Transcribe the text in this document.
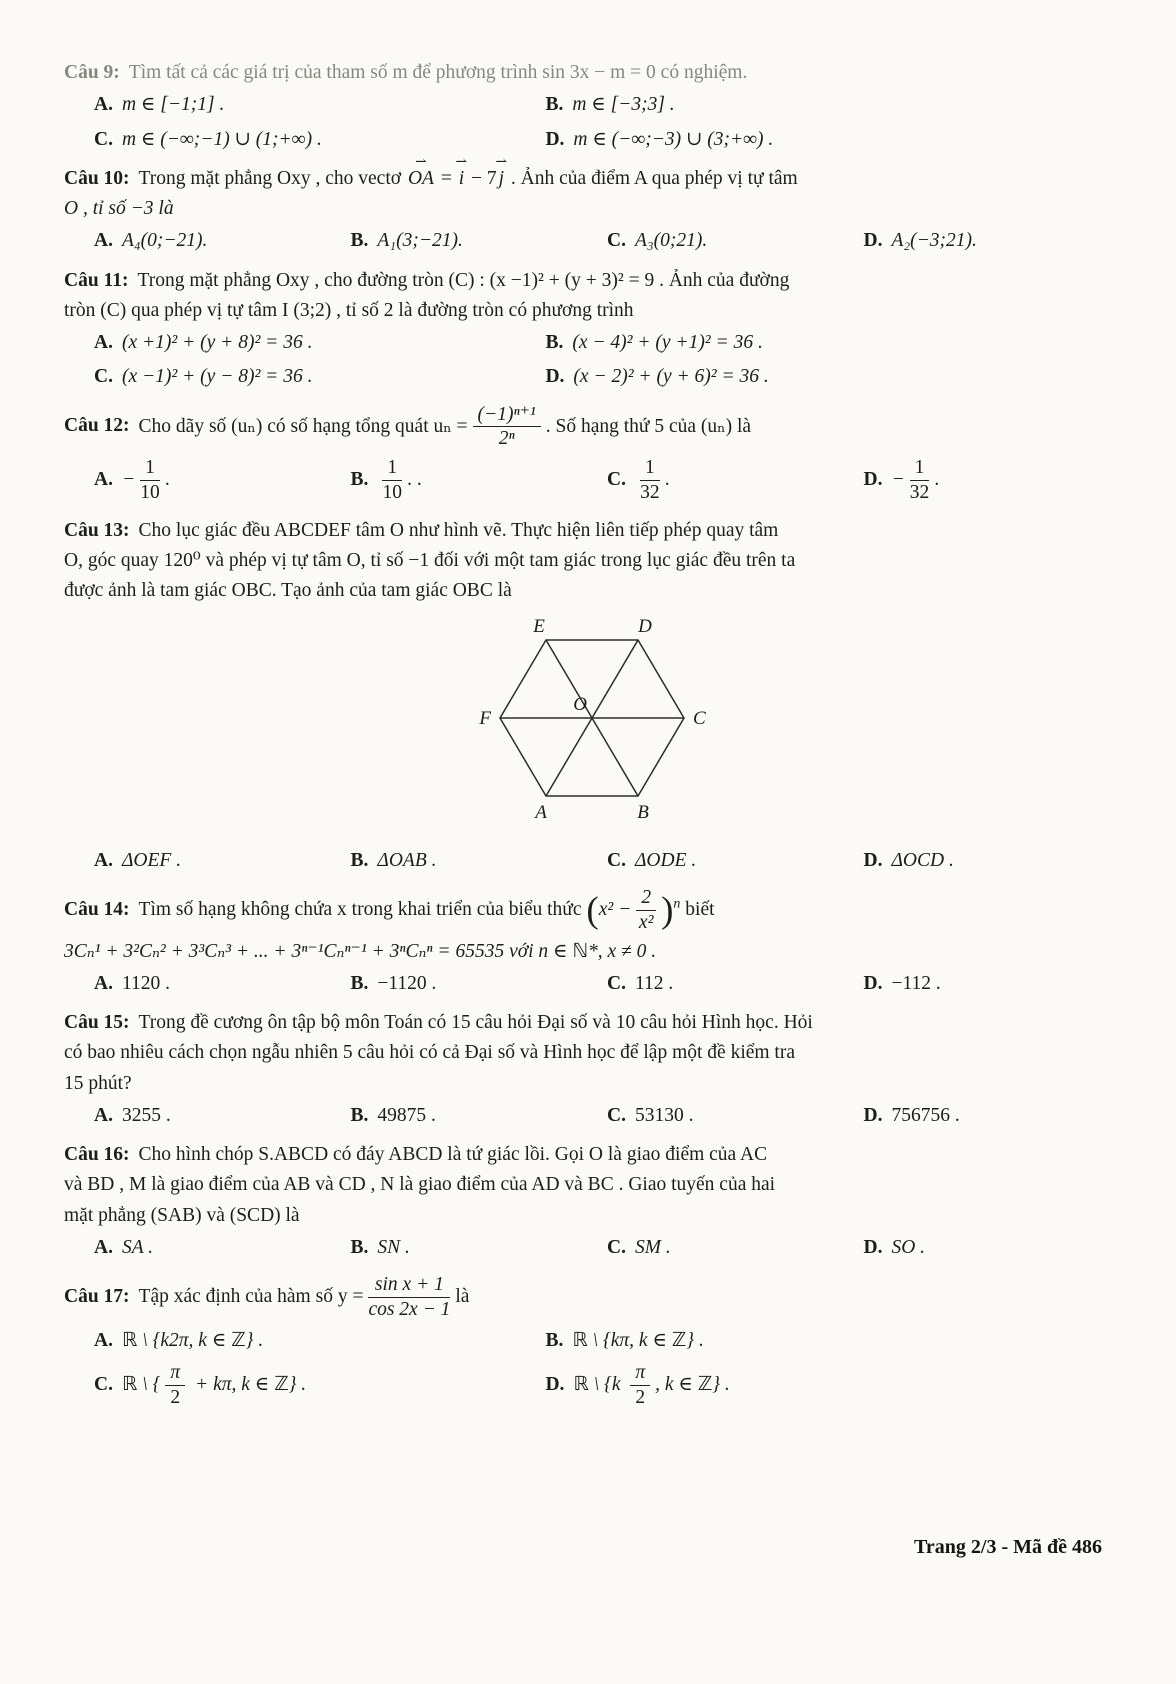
Câu 9: Tìm tất cả các giá trị của tham số m để phương trình sin 3x − m = 0 có nghiệm.
A. m ∈ [−1;1] .	B. m ∈ [−3;3] .
C. m ∈ (−∞;−1) ∪ (1;+∞) .	D. m ∈ (−∞;−3) ∪ (3;+∞) .
Câu 10: Trong mặt phẳng Oxy , cho vectơ OA ⇀ = i ⇀ − 7 j ⇀ . Ảnh của điểm A qua phép vị tự tâm
O , tỉ số −3 là
A. A₄(0;−21).	B. A₁(3;−21).	C. A₃(0;21).	D. A₂(−3;21).
Câu 11: Trong mặt phẳng Oxy , cho đường tròn (C) : (x −1)² + (y + 3)² = 9 . Ảnh của đường
tròn (C) qua phép vị tự tâm I (3;2) , tỉ số 2 là đường tròn có phương trình
A. (x +1)² + (y + 8)² = 36 .	B. (x − 4)² + (y +1)² = 36 .
C. (x −1)² + (y − 8)² = 36 .	D. (x − 2)² + (y + 6)² = 36 .
Câu 12: Cho dãy số (uₙ) có số hạng tổng quát $u_n = \frac{\text{(−1)ⁿ⁺¹}}{\text{2ⁿ}}$ . Số hạng thứ 5 của (uₙ) là
A. − $\frac{1}{10}$ .	B. $\frac{1}{10}$ . .	C. $\frac{1}{32}$ .	D. − $\frac{1}{32}$ .
Câu 13: Cho lục giác đều ABCDEF tâm O như hình vẽ. Thực hiện liên tiếp phép quay tâm
O, góc quay 120⁰ và phép vị tự tâm O, tỉ số −1 đối với một tam giác trong lục giác đều trên ta
được ảnh là tam giác OBC. Tạo ảnh của tam giác OBC là
E	D
F	C
A	B
O
A. ΔOEF .	B. ΔOAB .	C. ΔODE .	D. ΔOCD .
Câu 14: Tìm số hạng không chứa x trong khai triển của biểu thức $(x^2 - \frac{2}{\text{x²}} )^n$ biết
3Cₙ¹ + 3²Cₙ² + 3³Cₙ³ + ... + 3ⁿ⁻¹Cₙⁿ⁻¹ + 3ⁿCₙⁿ = 65535 với n ∈ ℕ*, x ≠ 0 .
A. 1120 .	B. −1120 .	C. 112 .	D. −112 .
Câu 15: Trong đề cương ôn tập bộ môn Toán có 15 câu hỏi Đại số và 10 câu hỏi Hình học. Hỏi
có bao nhiêu cách chọn ngẫu nhiên 5 câu hỏi có cả Đại số và Hình học để lập một đề kiểm tra
15 phút?
A. 3255 .	B. 49875 .	C. 53130 .	D. 756756 .
Câu 16: Cho hình chóp S.ABCD có đáy ABCD là tứ giác lồi. Gọi O là giao điểm của AC
và BD , M là giao điểm của AB và CD , N là giao điểm của AD và BC . Giao tuyến của hai
mặt phẳng (SAB) và (SCD) là
A. SA .	B. SN .	C. SM .	D. SO .
Câu 17: Tập xác định của hàm số $y = \frac{\text{sin x + 1}}{\cos 2x - 1}$ là
A. ℝ \ {k2π, k ∈ ℤ} .	B. ℝ \ {kπ, k ∈ ℤ} .
C. ℝ \ { $\frac{\pi}{2} + k\pi$, k ∈ ℤ} .	D. ℝ \ {$k \frac{\pi}{2}$ , k ∈ ℤ} .
Trang 2/3 - Mã đề 486
